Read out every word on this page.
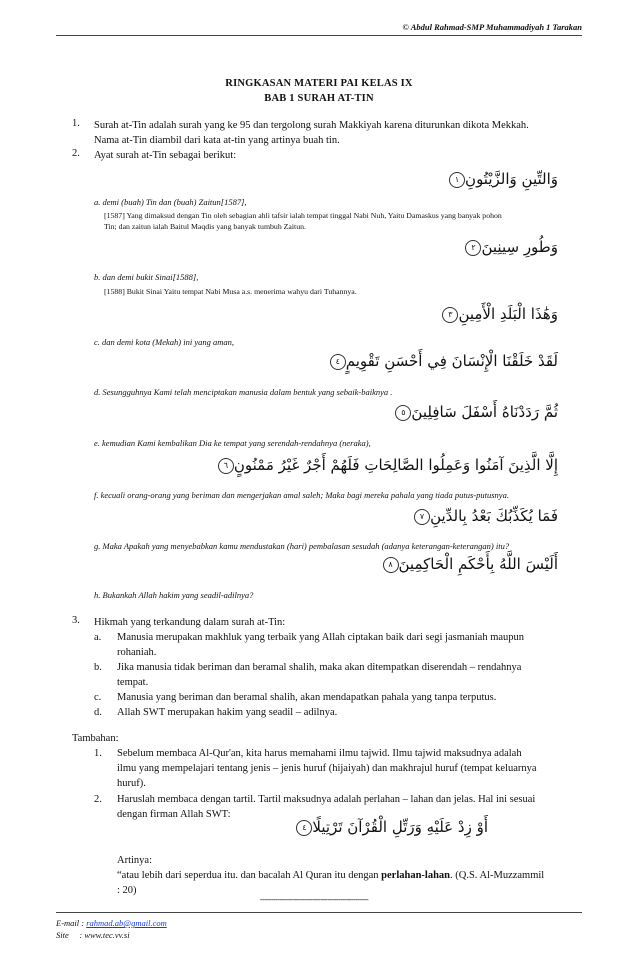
© Abdul Rahmad-SMP Muhammadiyah 1 Tarakan
RINGKASAN MATERI PAI KELAS IX
BAB 1 SURAH AT-TIN
1. Surah at-Tin adalah surah yang ke 95 dan tergolong surah Makkiyah karena diturunkan dikota Mekkah.
Nama at-Tin diambil dari kata at-tin yang artinya buah tin.
2. Ayat surah at-Tin sebagai berikut:
وَالتِّينِ وَالزَّيْتُونِ١
a. demi (buah) Tin dan (buah) Zaitun[1587],
[1587] Yang dimaksud dengan Tin oleh sebagian ahli tafsir ialah tempat tinggal Nabi Nuh, Yaitu Damaskus yang banyak pohon
Tin; dan zaitun ialah Baitul Maqdis yang banyak tumbuh Zaitun.
وَطُورِ سِينِينَ٢
b. dan demi bukit Sinai[1588],
[1588] Bukit Sinai Yaitu tempat Nabi Musa a.s. menerima wahyu dari Tuhannya.
وَهَٰذَا الْبَلَدِ الْأَمِينِ٣
c. dan demi kota (Mekah) ini yang aman,
لَقَدْ خَلَقْنَا الْإِنْسَانَ فِي أَحْسَنِ تَقْوِيمٍ٤
d. Sesungguhnya Kami telah menciptakan manusia dalam bentuk yang sebaik-baiknya .
ثُمَّ رَدَدْنَاهُ أَسْفَلَ سَافِلِينَ٥
e. kemudian Kami kembalikan Dia ke tempat yang serendah-rendahnya (neraka),
إِلَّا الَّذِينَ آمَنُوا وَعَمِلُوا الصَّالِحَاتِ فَلَهُمْ أَجْرٌ غَيْرُ مَمْنُونٍ٦
f. kecuali orang-orang yang beriman dan mengerjakan amal saleh; Maka bagi mereka pahala yang tiada putus-putusnya.
فَمَا يُكَذِّبُكَ بَعْدُ بِالدِّينِ٧
g. Maka Apakah yang menyebabkan kamu mendustakan (hari) pembalasan sesudah (adanya keterangan-keterangan) itu?
أَلَيْسَ اللَّهُ بِأَحْكَمِ الْحَاكِمِينَ٨
h. Bukankah Allah hakim yang seadil-adilnya?
3. Hikmah yang terkandung dalam surah at-Tin:
a. Manusia merupakan makhluk yang terbaik yang Allah ciptakan baik dari segi jasmaniah maupun
rohaniah.
b. Jika manusia tidak beriman dan beramal shalih, maka akan ditempatkan diserendah – rendahnya
tempat.
c. Manusia yang beriman dan beramal shalih, akan mendapatkan pahala yang tanpa terputus.
d. Allah SWT merupakan hakim yang seadil – adilnya.
Tambahan:
1. Sebelum membaca Al-Qur'an, kita harus memahami ilmu tajwid. Ilmu tajwid maksudnya adalah
ilmu yang mempelajari tentang jenis – jenis huruf (hijaiyah) dan makhrajul huruf (tempat keluarnya
huruf).
2. Haruslah membaca dengan tartil. Tartil maksudnya adalah perlahan – lahan dan jelas. Hal ini sesuai
dengan firman Allah SWT:
أَوْ زِدْ عَلَيْهِ وَرَتِّلِ الْقُرْآنَ تَرْتِيلًا٤
Artinya:
“atau lebih dari seperdua itu. dan bacalah Al Quran itu dengan perlahan-lahan. (Q.S. Al-Muzzammil
: 20)
--------------------------------------------------
E-mail : rahmad.ab@gmail.com
Site     : www.tec.vv.si
